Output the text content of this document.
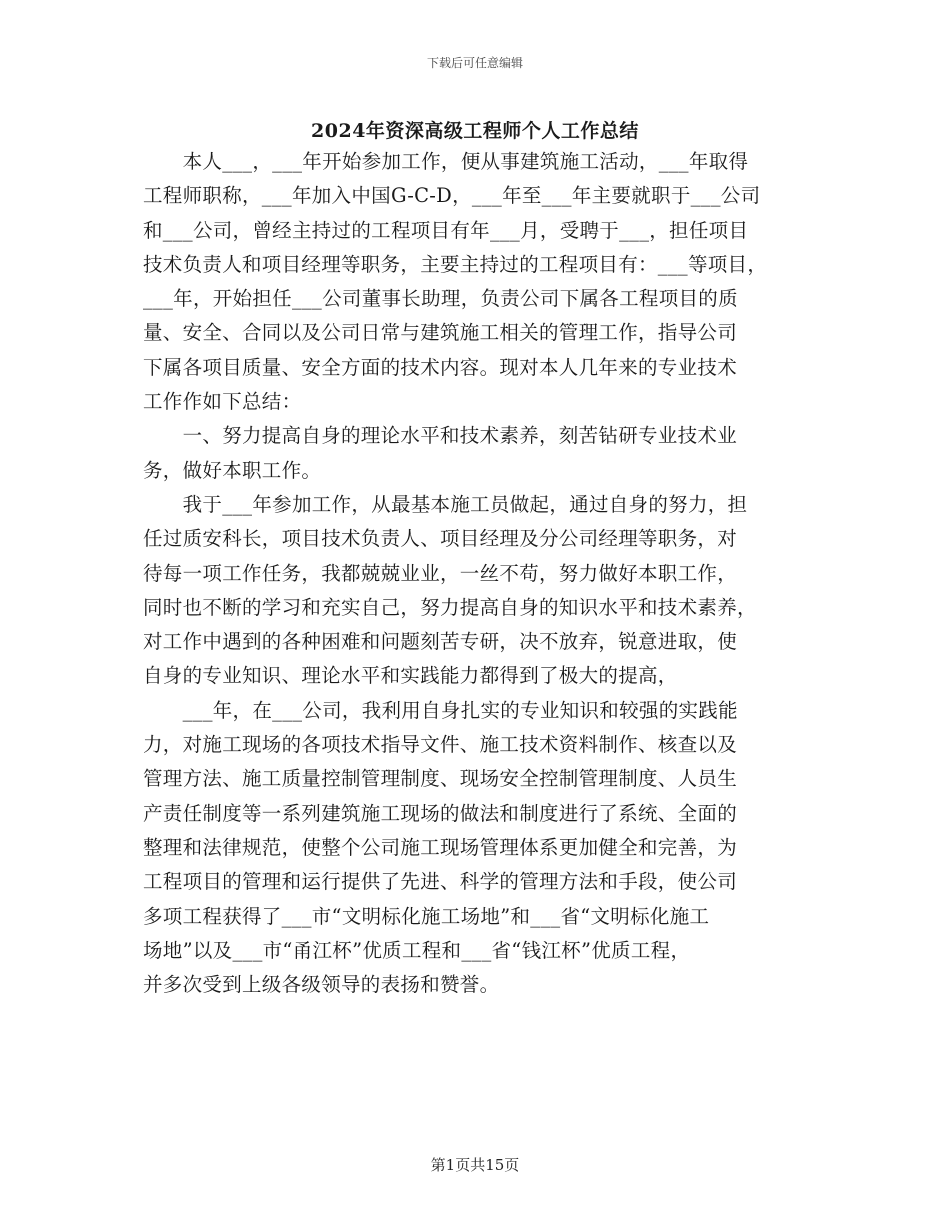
下载后可任意编辑
2024年资深高级工程师个人工作总结
　　本人___，___年开始参加工作，便从事建筑施工活动，___年取得
工程师职称，___年加入中国G-C-D，___年至___年主要就职于___公司
和___公司，曾经主持过的工程项目有年___月，受聘于___，担任项目
技术负责人和项目经理等职务，主要主持过的工程项目有：___等项目，
___年，开始担任___公司董事长助理，负责公司下属各工程项目的质
量、安全、合同以及公司日常与建筑施工相关的管理工作，指导公司
下属各项目质量、安全方面的技术内容。现对本人几年来的专业技术
工作作如下总结：
　　一、努力提高自身的理论水平和技术素养，刻苦钻研专业技术业
务，做好本职工作。
　　我于___年参加工作，从最基本施工员做起，通过自身的努力，担
任过质安科长，项目技术负责人、项目经理及分公司经理等职务，对
待每一项工作任务，我都兢兢业业，一丝不苟，努力做好本职工作，
同时也不断的学习和充实自己，努力提高自身的知识水平和技术素养，
对工作中遇到的各种困难和问题刻苦专研，决不放弃，锐意进取，使
自身的专业知识、理论水平和实践能力都得到了极大的提高，
　　___年，在___公司，我利用自身扎实的专业知识和较强的实践能
力，对施工现场的各项技术指导文件、施工技术资料制作、核查以及
管理方法、施工质量控制管理制度、现场安全控制管理制度、人员生
产责任制度等一系列建筑施工现场的做法和制度进行了系统、全面的
整理和法律规范，使整个公司施工现场管理体系更加健全和完善，为
工程项目的管理和运行提供了先进、科学的管理方法和手段，使公司
多项工程获得了___市“文明标化施工场地”和___省“文明标化施工
场地”以及___市“甬江杯”优质工程和___省“钱江杯”优质工程，
并多次受到上级各级领导的表扬和赞誉。
第1页共15页
